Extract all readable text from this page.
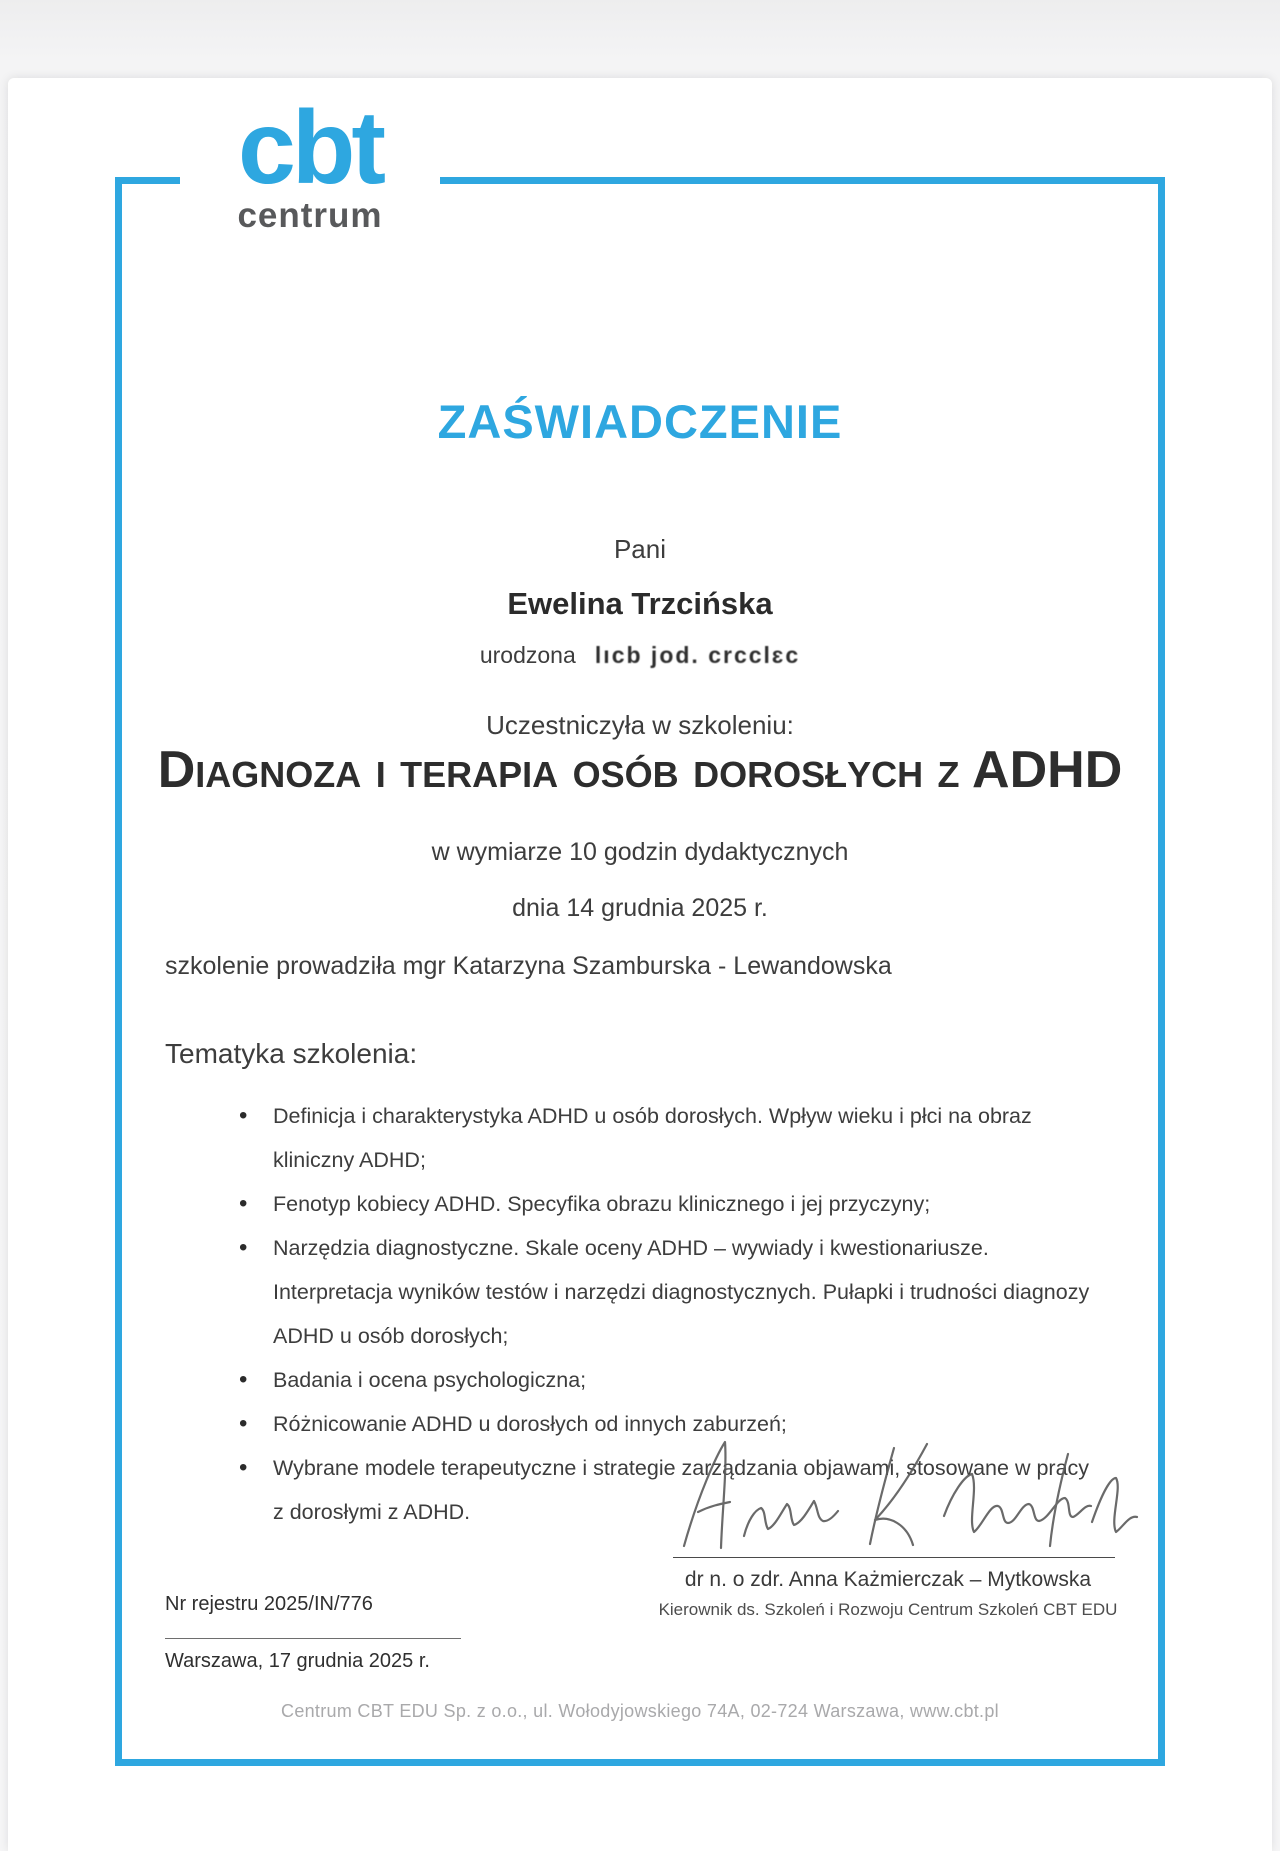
cbt
centrum
ZAŚWIADCZENIE
Pani
Ewelina Trzcińska
urodzona lıcb jod. crcclɛc
Uczestniczyła w szkoleniu:
Diagnoza i terapia osób dorosłych z ADHD
w wymiarze 10 godzin dydaktycznych
dnia 14 grudnia 2025 r.
szkolenie prowadziła mgr Katarzyna Szamburska - Lewandowska
Tematyka szkolenia:
• Definicja i charakterystyka ADHD u osób dorosłych. Wpływ wieku i płci na obraz kliniczny ADHD;
• Fenotyp kobiecy ADHD. Specyfika obrazu klinicznego i jej przyczyny;
• Narzędzia diagnostyczne. Skale oceny ADHD – wywiady i kwestionariusze. Interpretacja wyników testów i narzędzi diagnostycznych. Pułapki i trudności diagnozy ADHD u osób dorosłych;
• Badania i ocena psychologiczna;
• Różnicowanie ADHD u dorosłych od innych zaburzeń;
• Wybrane modele terapeutyczne i strategie zarządzania objawami, stosowane w pracy z dorosłymi z ADHD.
dr n. o zdr. Anna Każmierczak – Mytkowska
Kierownik ds. Szkoleń i Rozwoju Centrum Szkoleń CBT EDU
Nr rejestru 2025/IN/776
Warszawa, 17 grudnia 2025 r.
Centrum CBT EDU Sp. z o.o., ul. Wołodyjowskiego 74A, 02-724 Warszawa, www.cbt.pl
